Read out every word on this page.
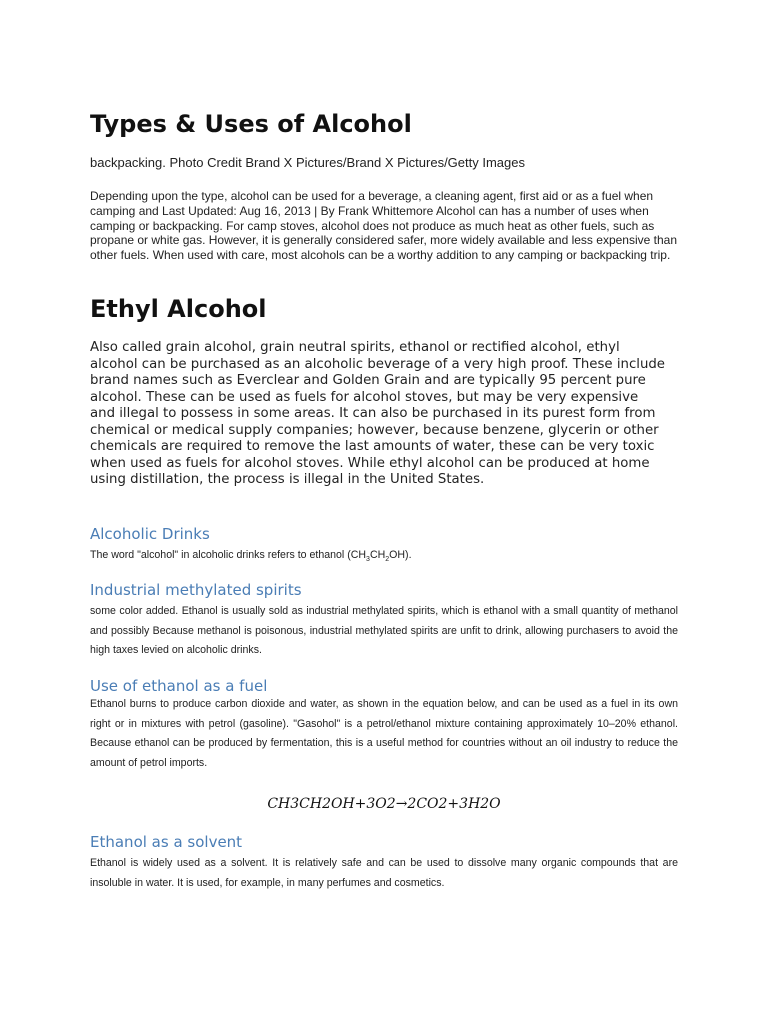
Types & Uses of Alcohol

backpacking. Photo Credit Brand X Pictures/Brand X Pictures/Getty Images

Depending upon the type, alcohol can be used for a beverage, a cleaning agent, first aid or as a fuel when camping and Last Updated: Aug 16, 2013 | By Frank Whittemore Alcohol can has a number of uses when camping or backpacking. For camp stoves, alcohol does not produce as much heat as other fuels, such as propane or white gas. However, it is generally considered safer, more widely available and less expensive than other fuels. When used with care, most alcohols can be a worthy addition to any camping or backpacking trip.

Ethyl Alcohol

Also called grain alcohol, grain neutral spirits, ethanol or rectified alcohol, ethyl alcohol can be purchased as an alcoholic beverage of a very high proof. These include brand names such as Everclear and Golden Grain and are typically 95 percent pure alcohol. These can be used as fuels for alcohol stoves, but may be very expensive and illegal to possess in some areas. It can also be purchased in its purest form from chemical or medical supply companies; however, because benzene, glycerin or other chemicals are required to remove the last amounts of water, these can be very toxic when used as fuels for alcohol stoves. While ethyl alcohol can be produced at home using distillation, the process is illegal in the United States.

Alcoholic Drinks

The word "alcohol" in alcoholic drinks refers to ethanol $(CH_3CH_2OH)$.

Industrial methylated spirits

some color added. Ethanol is usually sold as industrial methylated spirits, which is ethanol with a small quantity of methanol and possibly Because methanol is poisonous, industrial methylated spirits are unfit to drink, allowing purchasers to avoid the high taxes levied on alcoholic drinks.

Use of ethanol as a fuel

Ethanol burns to produce carbon dioxide and water, as shown in the equation below, and can be used as a fuel in its own right or in mixtures with petrol (gasoline). "Gasohol" is a petrol/ethanol mixture containing approximately 10–20% ethanol. Because ethanol can be produced by fermentation, this is a useful method for countries without an oil industry to reduce the amount of petrol imports.

CH3CH2OH+3O2→2CO2+3H2O

Ethanol as a solvent

Ethanol is widely used as a solvent. It is relatively safe and can be used to dissolve many organic compounds that are insoluble in water. It is used, for example, in many perfumes and cosmetics.
